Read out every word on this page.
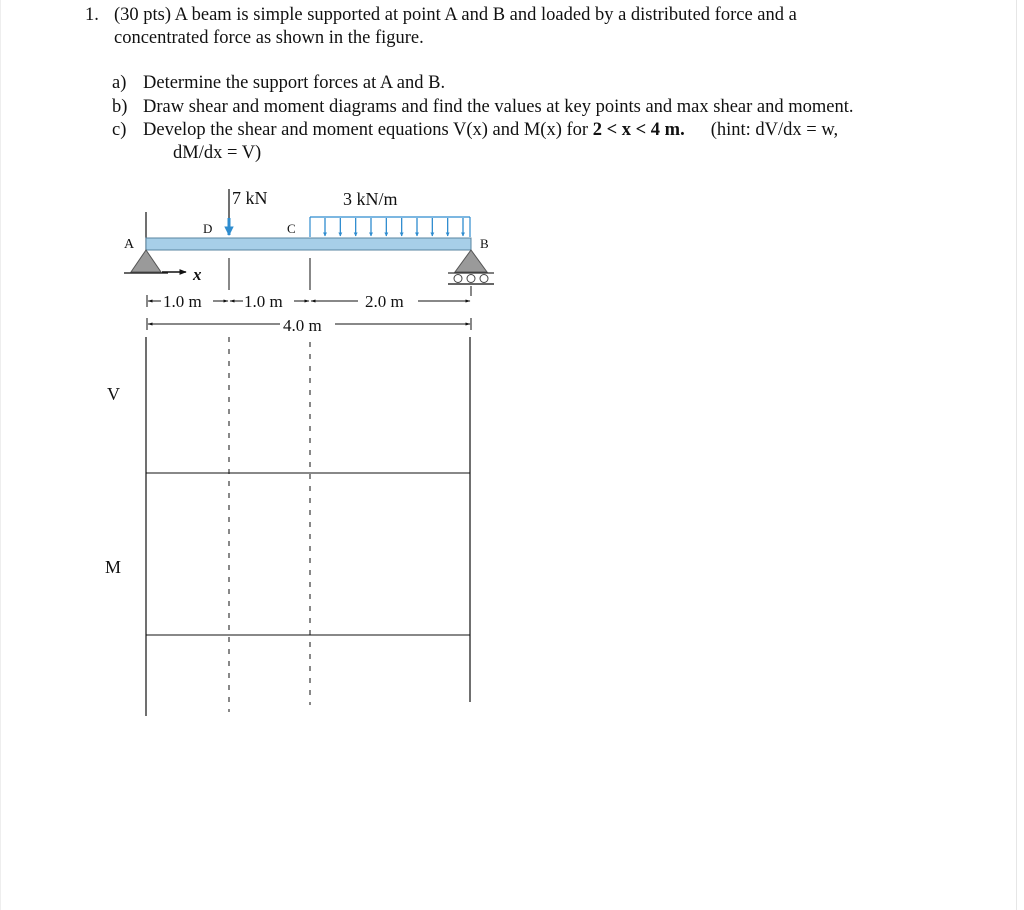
1. (30 pts) A beam is simple supported at point A and B and loaded by a distributed force and a
concentrated force as shown in the figure.
a) Determine the support forces at A and B.
b) Draw shear and moment diagrams and find the values at key points and max shear and moment.
c) Develop the shear and moment equations V(x) and M(x) for 2 < x < 4 m. (hint: dV/dx = w,
dM/dx = V)
7 kN	3 kN/m
A	B
C
D
x
1.0 m 1.0 m	2.0 m
4.0 m
V
M
